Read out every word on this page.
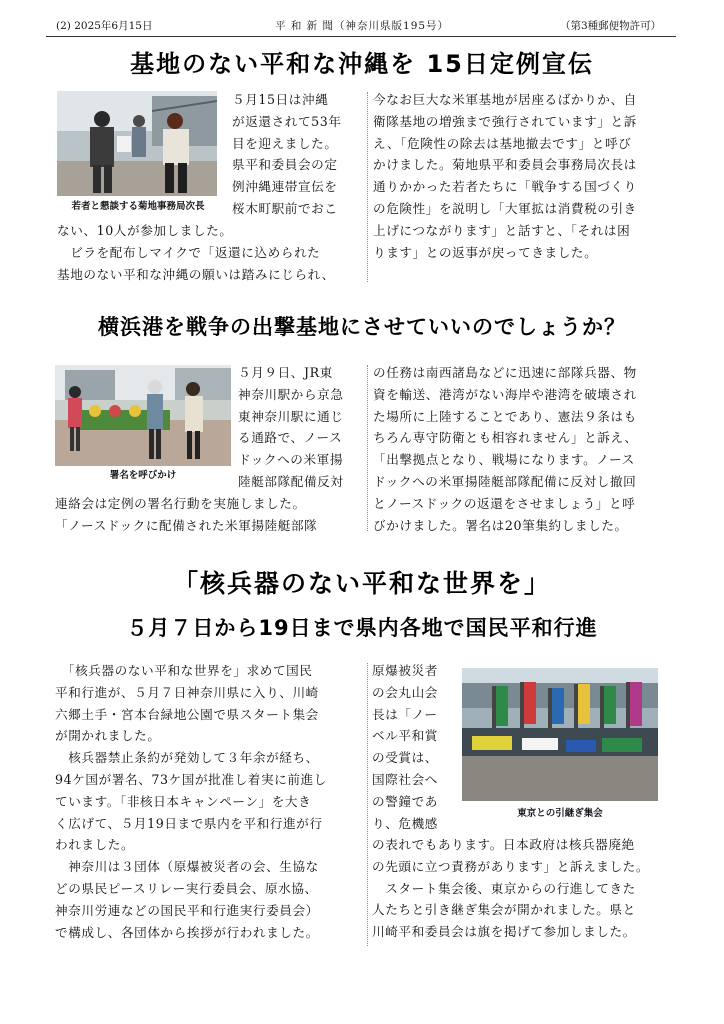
(2) 2025年6月15日	平 和 新 聞（神奈川県版195号）	（第3種郵便物許可）
基地のない平和な沖縄を 15日定例宣伝
若者と懇談する菊地事務局次長
５月15日は沖縄
が返還されて53年
目を迎えました。
県平和委員会の定
例沖縄連帯宣伝を
桜木町駅前でおこ
ない、10人が参加しました。
　ビラを配布しマイクで「返還に込められた
基地のない平和な沖縄の願いは踏みにじられ、
今なお巨大な米軍基地が居座るばかりか、自
衛隊基地の増強まで強行されています」と訴
え、「危険性の除去は基地撤去です」と呼び
かけました。菊地県平和委員会事務局次長は
通りかかった若者たちに「戦争する国づくり
の危険性」を説明し「大軍拡は消費税の引き
上げにつながります」と話すと、「それは困
ります」との返事が戻ってきました。
横浜港を戦争の出撃基地にさせていいのでしょうか？
署名を呼びかけ
５月９日、JR東
神奈川駅から京急
東神奈川駅に通じ
る通路で、ノース
ドックへの米軍揚
陸艇部隊配備反対
連絡会は定例の署名行動を実施しました。
「ノースドックに配備された米軍揚陸艇部隊
の任務は南西諸島などに迅速に部隊兵器、物
資を輸送、港湾がない海岸や港湾を破壊され
た場所に上陸することであり、憲法９条はも
ちろん専守防衛とも相容れません」と訴え、
「出撃拠点となり、戦場になります。ノース
ドックへの米軍揚陸艇部隊配備に反対し撤回
とノースドックの返還をさせましょう」と呼
びかけました。署名は20筆集約しました。
「核兵器のない平和な世界を」
５月７日から19日まで県内各地で国民平和行進
　「核兵器のない平和な世界を」求めて国民
平和行進が、５月７日神奈川県に入り、川崎
六郷土手・宮本台緑地公園で県スタート集会
が開かれました。
　核兵器禁止条約が発効して３年余が経ち、
94ケ国が署名、73ケ国が批准し着実に前進し
ています。「非核日本キャンペーン」を大き
く広げて、５月19日まで県内を平和行進が行
われました。
　神奈川は３団体（原爆被災者の会、生協な
どの県民ピースリレー実行委員会、原水協、
神奈川労連などの国民平和行進実行委員会）
で構成し、各団体から挨拶が行われました。
原爆被災者
の会丸山会
長は「ノー
ベル平和賞
の受賞は、
国際社会へ
の警鐘であ
り、危機感
東京との引継ぎ集会
の表れでもあります。日本政府は核兵器廃絶
の先頭に立つ責務があります」と訴えました。
　スタート集会後、東京からの行進してきた
人たちと引き継ぎ集会が開かれました。県と
川崎平和委員会は旗を掲げて参加しました。
